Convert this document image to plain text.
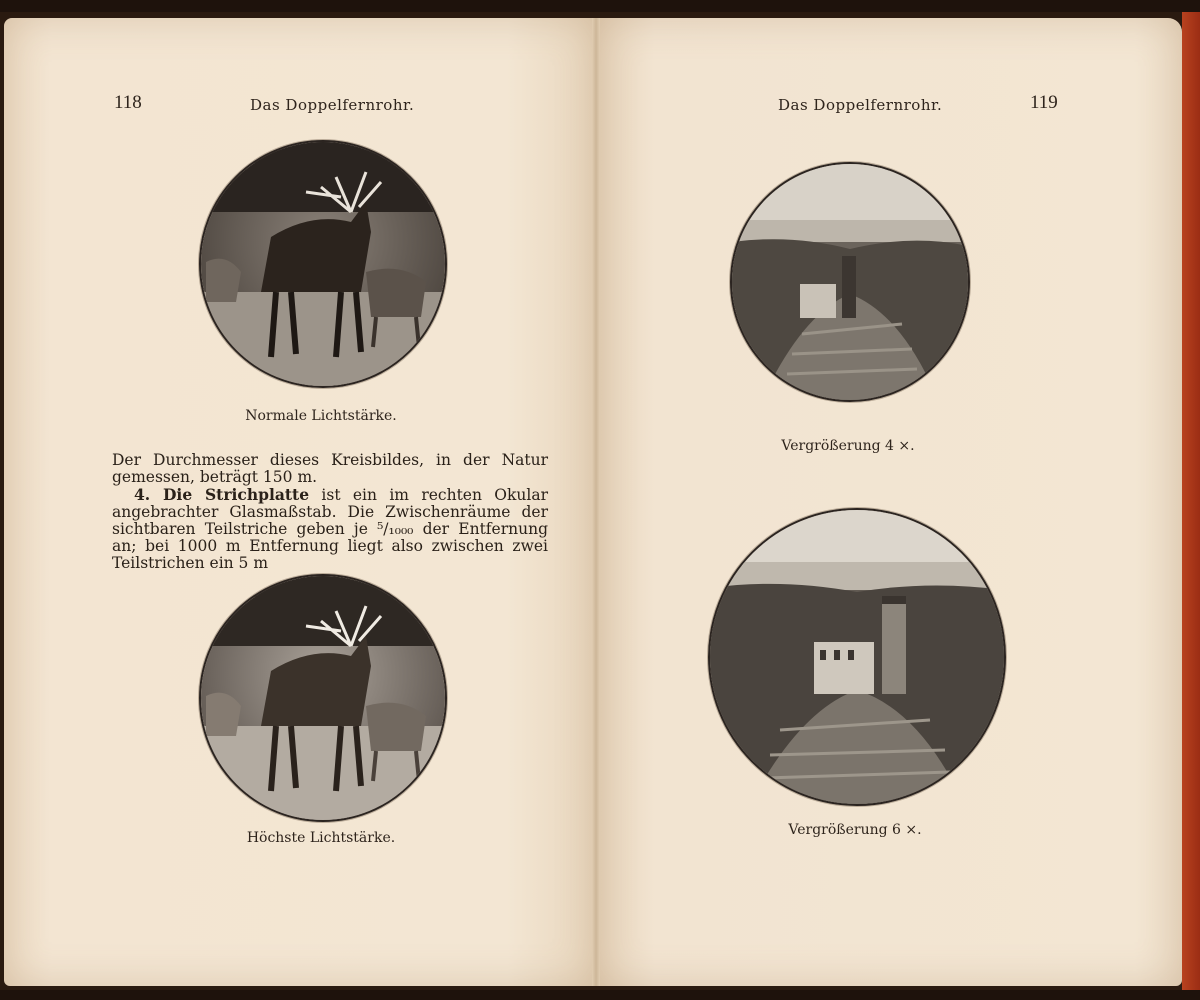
118	Das Doppelfernrohr.
Normale Lichtstärke.

Der Durchmesser dieses Kreisbildes, in der Natur gemessen, beträgt 150 m.

4. Die Strichplatte ist ein im rechten Okular angebrachter Glasmaßstab. Die Zwischenräume der sichtbaren Teilstriche geben je ⁵/₁₀₀₀ der Entfernung an; bei 1000 m Entfernung liegt also zwischen zwei Teilstrichen ein 5 m

Höchste Lichtstärke.
Das Doppelfernrohr.	119
Vergrößerung 4 ×.
Vergrößerung 6 ×.
